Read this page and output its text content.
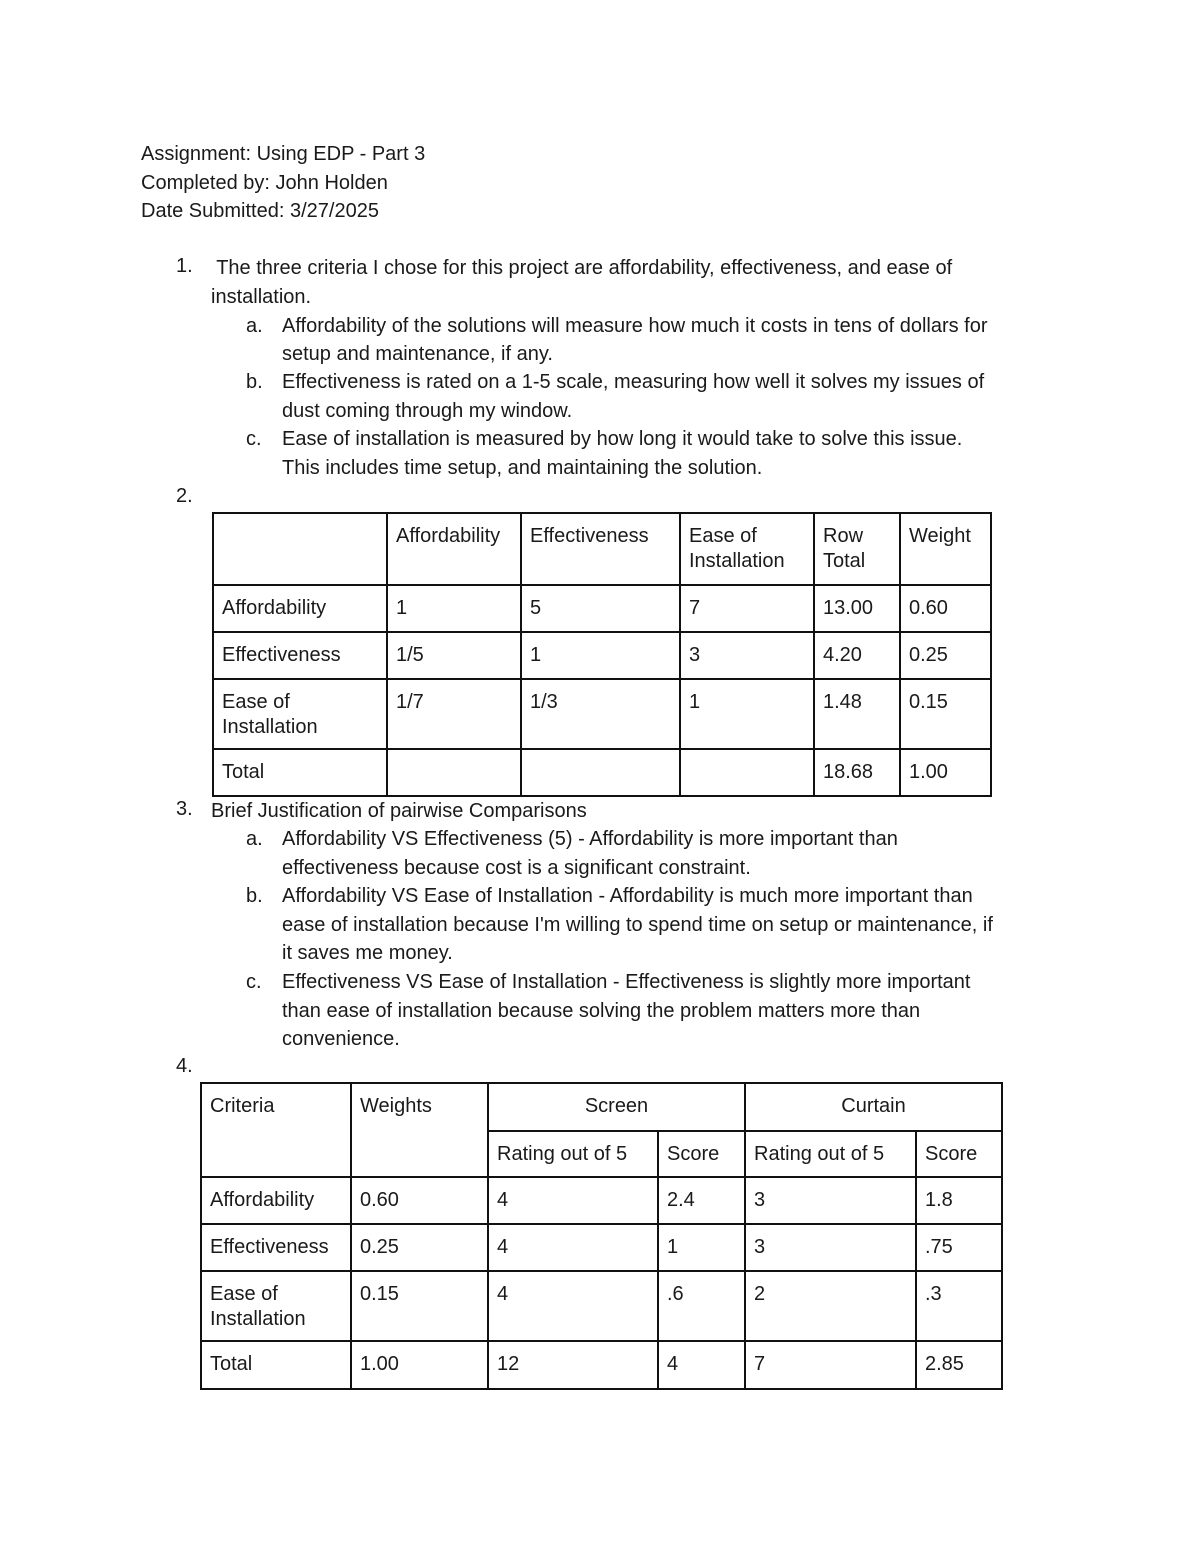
Assignment: Using EDP - Part 3
Completed by: John Holden
Date Submitted: 3/27/2025
1. The three criteria I chose for this project are affordability, effectiveness, and ease of
installation.
a. Affordability of the solutions will measure how much it costs in tens of dollars for
setup and maintenance, if any.
b. Effectiveness is rated on a 1-5 scale, measuring how well it solves my issues of
dust coming through my window.
c. Ease of installation is measured by how long it would take to solve this issue.
This includes time setup, and maintaining the solution.
2.
	Affordability	Effectiveness	Ease of Installation	Row Total	Weight
Affordability	1	5	7	13.00	0.60
Effectiveness	1/5	1	3	4.20	0.25
Ease of Installation	1/7	1/3	1	1.48	0.15
Total				18.68	1.00
3. Brief Justification of pairwise Comparisons
a. Affordability VS Effectiveness (5) - Affordability is more important than
effectiveness because cost is a significant constraint.
b. Affordability VS Ease of Installation - Affordability is much more important than
ease of installation because I'm willing to spend time on setup or maintenance, if
it saves me money.
c. Effectiveness VS Ease of Installation - Effectiveness is slightly more important
than ease of installation because solving the problem matters more than
convenience.
4.
Criteria	Weights	Screen		Curtain	
		Rating out of 5	Score	Rating out of 5	Score
Affordability	0.60	4	2.4	3	1.8
Effectiveness	0.25	4	1	3	.75
Ease of Installation	0.15	4	.6	2	.3
Total	1.00	12	4	7	2.85
